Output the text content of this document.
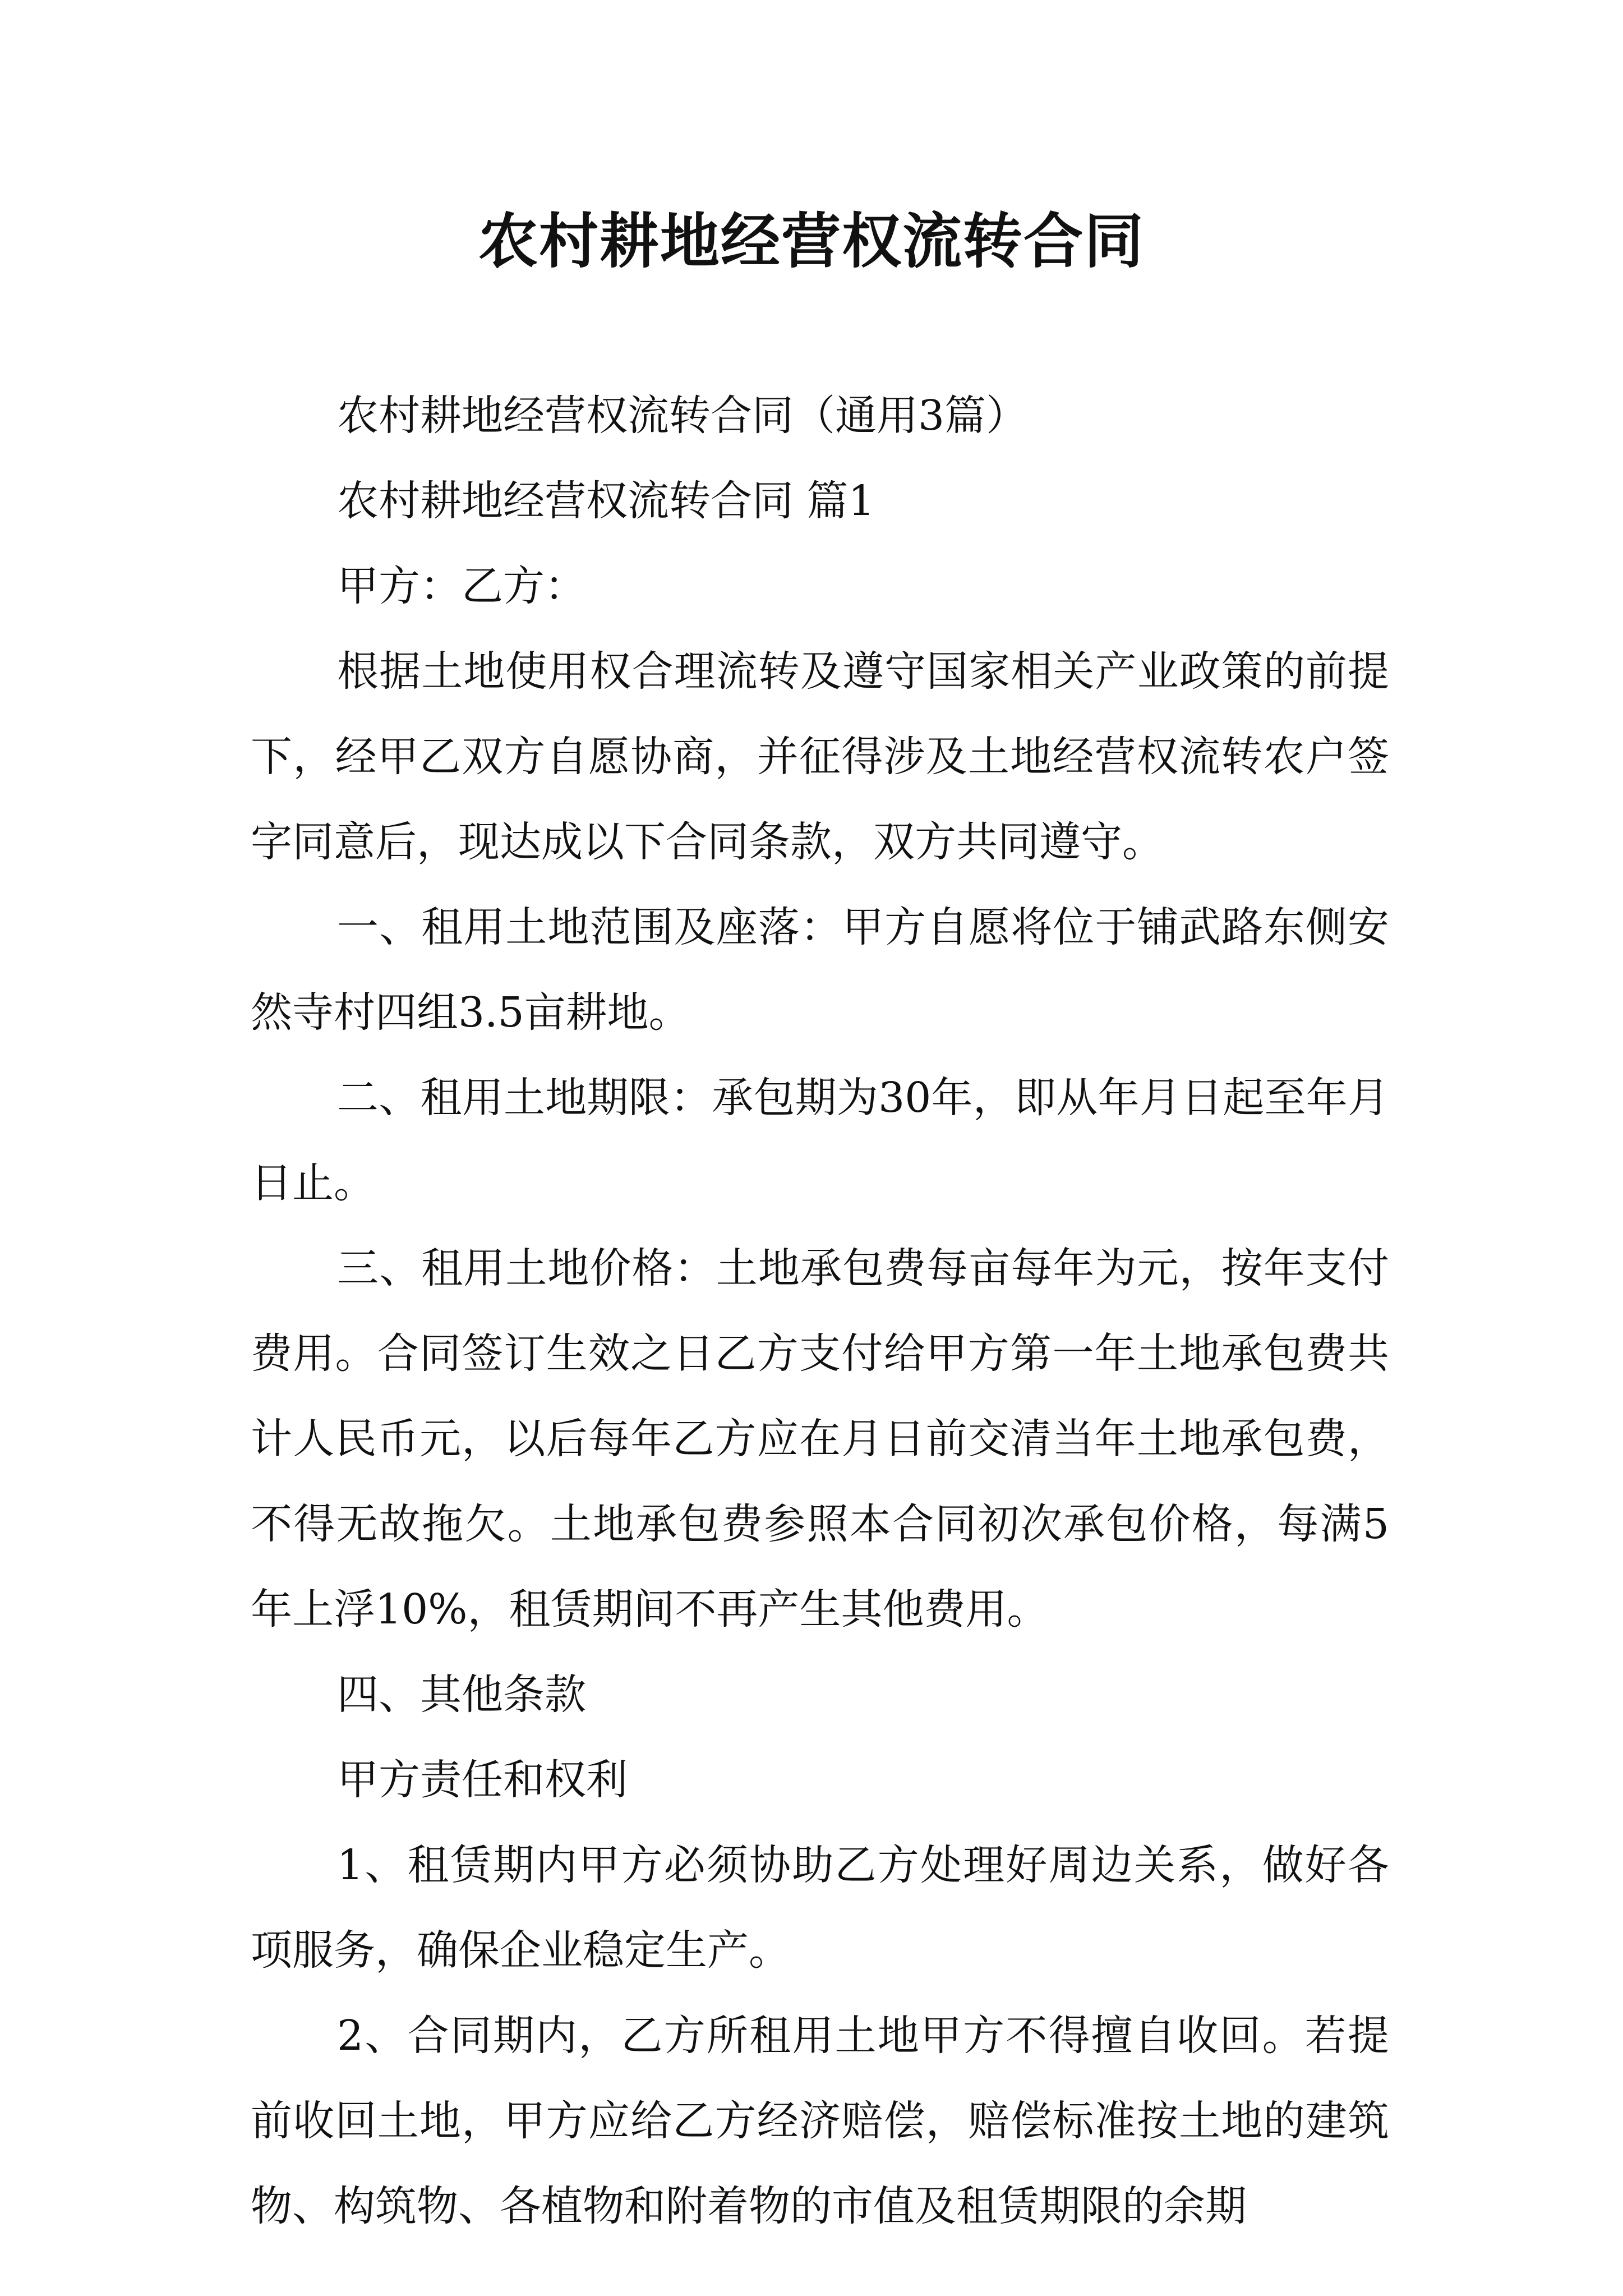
农村耕地经营权流转合同

农村耕地经营权流转合同（通用3篇）

农村耕地经营权流转合同 篇1

甲方：乙方：

根据土地使用权合理流转及遵守国家相关产业政策的前提下，经甲乙双方自愿协商，并征得涉及土地经营权流转农户签字同意后，现达成以下合同条款，双方共同遵守。

一、租用土地范围及座落：甲方自愿将位于铺武路东侧安然寺村四组3.5亩耕地。

二、租用土地期限：承包期为30年，即从年月日起至年月日止。

三、租用土地价格：土地承包费每亩每年为元，按年支付费用。合同签订生效之日乙方支付给甲方第一年土地承包费共计人民币元，以后每年乙方应在月日前交清当年土地承包费，不得无故拖欠。土地承包费参照本合同初次承包价格，每满5年上浮10%，租赁期间不再产生其他费用。

四、其他条款

甲方责任和权利

1、租赁期内甲方必须协助乙方处理好周边关系，做好各项服务，确保企业稳定生产。

2、合同期内，乙方所租用土地甲方不得擅自收回。若提前收回土地，甲方应给乙方经济赔偿，赔偿标准按土地的建筑物、构筑物、各植物和附着物的市值及租赁期限的余期
